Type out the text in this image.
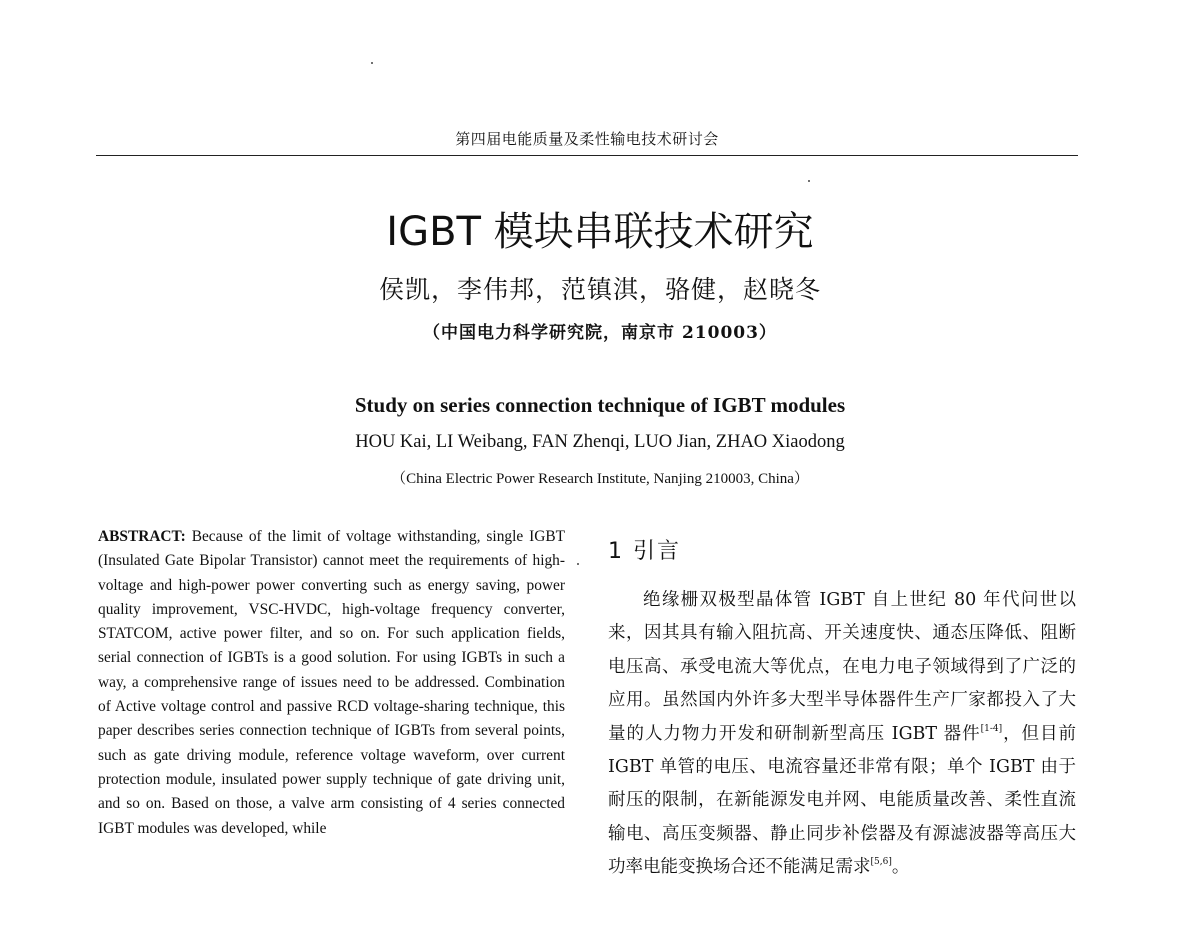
第四届电能质量及柔性输电技术研讨会
IGBT 模块串联技术研究
侯凯，李伟邦，范镇淇，骆健，赵晓冬
（中国电力科学研究院，南京市 210003）
Study on series connection technique of IGBT modules
HOU Kai, LI Weibang, FAN Zhenqi, LUO Jian, ZHAO Xiaodong
（China Electric Power Research Institute, Nanjing 210003, China）
ABSTRACT: Because of the limit of voltage withstanding, single IGBT (Insulated Gate Bipolar Transistor) cannot meet the requirements of high-voltage and high-power power converting such as energy saving, power quality improvement, VSC-HVDC, high-voltage frequency converter, STATCOM, active power filter, and so on. For such application fields, serial connection of IGBTs is a good solution. For using IGBTs in such a way, a comprehensive range of issues need to be addressed. Combination of Active voltage control and passive RCD voltage-sharing technique, this paper describes series connection technique of IGBTs from several points, such as gate driving module, reference voltage waveform, over current protection module, insulated power supply technique of gate driving unit, and so on. Based on those, a valve arm consisting of 4 series connected IGBT modules was developed, while
1 引言
绝缘栅双极型晶体管 IGBT 自上世纪 80 年代问世以来，因其具有输入阻抗高、开关速度快、通态压降低、阻断电压高、承受电流大等优点，在电力电子领域得到了广泛的应用。虽然国内外许多大型半导体器件生产厂家都投入了大量的人力物力开发和研制新型高压 IGBT 器件[1-4]，但目前 IGBT 单管的电压、电流容量还非常有限；单个 IGBT 由于耐压的限制，在新能源发电并网、电能质量改善、柔性直流输电、高压变频器、静止同步补偿器及有源滤波器等高压大功率电能变换场合还不能满足需求[5,6]。
